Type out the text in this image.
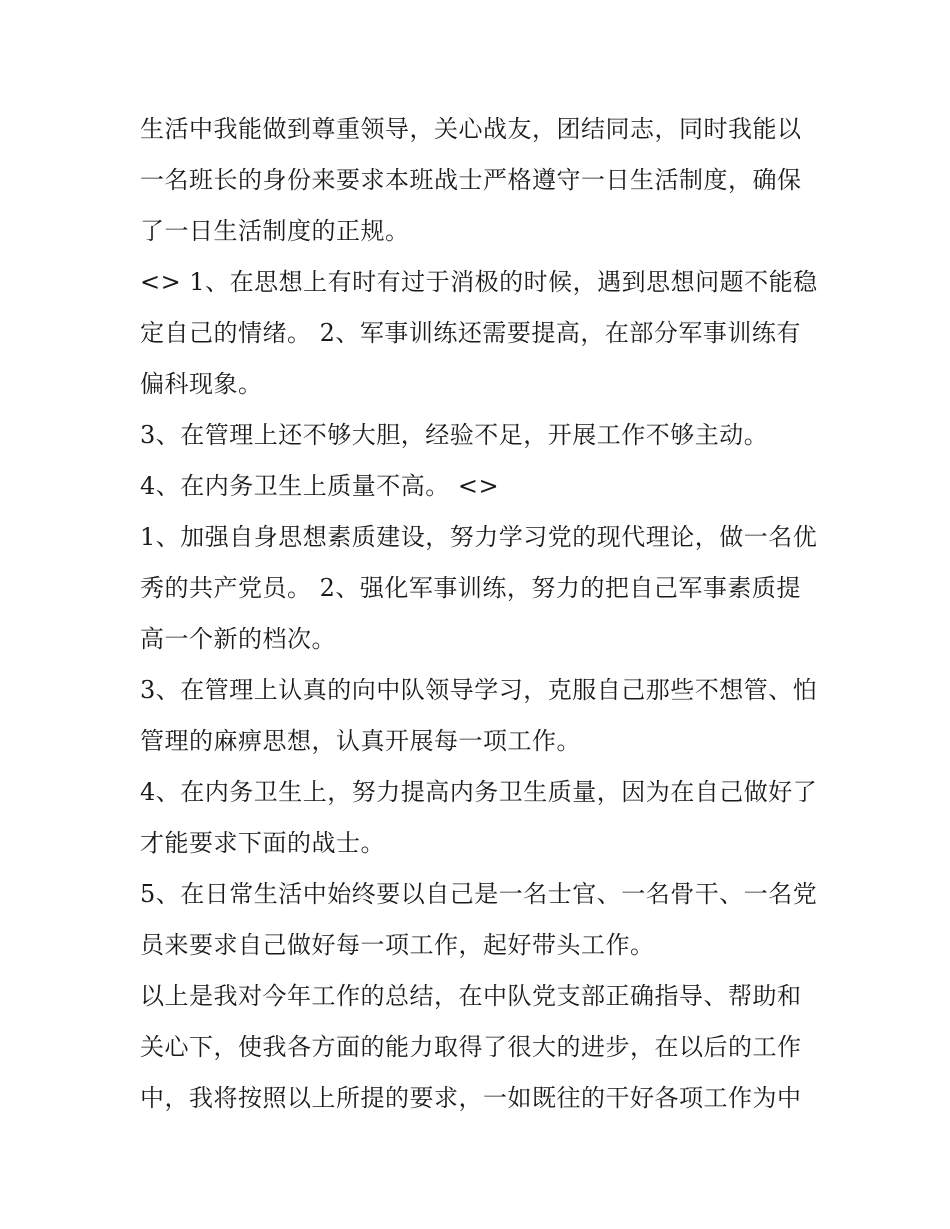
生活中我能做到尊重领导，关心战友，团结同志，同时我能以一名班长的身份来要求本班战士严格遵守一日生活制度，确保了一日生活制度的正规。

<> 1、在思想上有时有过于消极的时候，遇到思想问题不能稳定自己的情绪。 2、军事训练还需要提高，在部分军事训练有偏科现象。

3、在管理上还不够大胆，经验不足，开展工作不够主动。

4、在内务卫生上质量不高。 <>

1、加强自身思想素质建设，努力学习党的现代理论，做一名优秀的共产党员。 2、强化军事训练，努力的把自己军事素质提高一个新的档次。

3、在管理上认真的向中队领导学习，克服自己那些不想管、怕管理的麻痹思想，认真开展每一项工作。

4、在内务卫生上，努力提高内务卫生质量，因为在自己做好了才能要求下面的战士。

5、在日常生活中始终要以自己是一名士官、一名骨干、一名党员来要求自己做好每一项工作，起好带头工作。

以上是我对今年工作的总结，在中队党支部正确指导、帮助和关心下，使我各方面的能力取得了很大的进步，在以后的工作中，我将按照以上所提的要求，一如既往的干好各项工作为中
